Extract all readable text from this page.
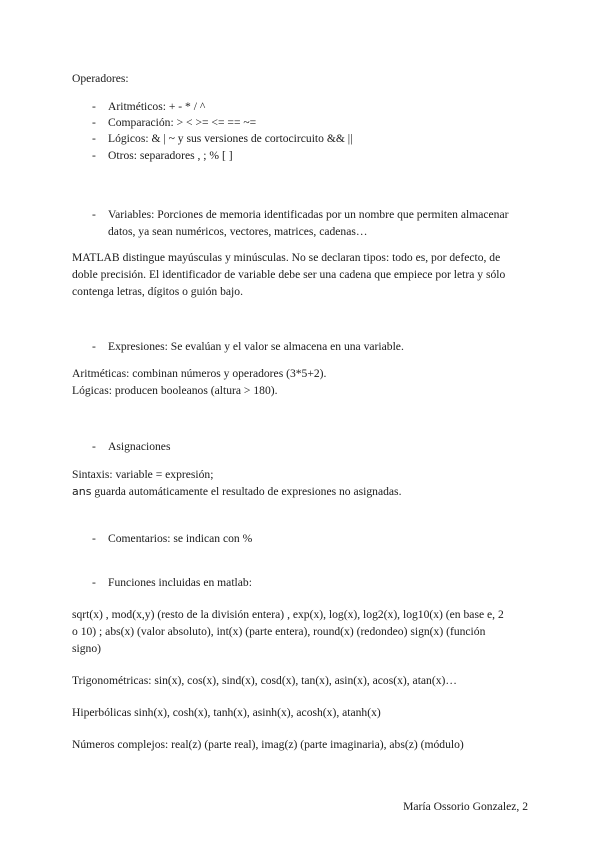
Operadores:
- Aritméticos: + - * / ^
- Comparación: > < >= <= == ~=
- Lógicos: & | ~ y sus versiones de cortocircuito && ||
- Otros: separadores , ; % [ ]
- Variables: Porciones de memoria identificadas por un nombre que permiten almacenar
datos, ya sean numéricos, vectores, matrices, cadenas…
MATLAB distingue mayúsculas y minúsculas. No se declaran tipos: todo es, por defecto, de
doble precisión. El identificador de variable debe ser una cadena que empiece por letra y sólo
contenga letras, dígitos o guión bajo.
- Expresiones: Se evalúan y el valor se almacena en una variable.
Aritméticas: combinan números y operadores (3*5+2).
Lógicas: producen booleanos (altura > 180).
- Asignaciones
Sintaxis: variable = expresión;
ans guarda automáticamente el resultado de expresiones no asignadas.
- Comentarios: se indican con %
- Funciones incluidas en matlab:
sqrt(x) , mod(x,y) (resto de la división entera) , exp(x), log(x), log2(x), log10(x) (en base e, 2
o 10) ; abs(x) (valor absoluto), int(x) (parte entera), round(x) (redondeo) sign(x) (función
signo)
Trigonométricas: sin(x), cos(x), sind(x), cosd(x), tan(x), asin(x), acos(x), atan(x)…
Hiperbólicas sinh(x), cosh(x), tanh(x), asinh(x), acosh(x), atanh(x)
Números complejos: real(z) (parte real), imag(z) (parte imaginaria), abs(z) (módulo)
María Ossorio Gonzalez, 2
